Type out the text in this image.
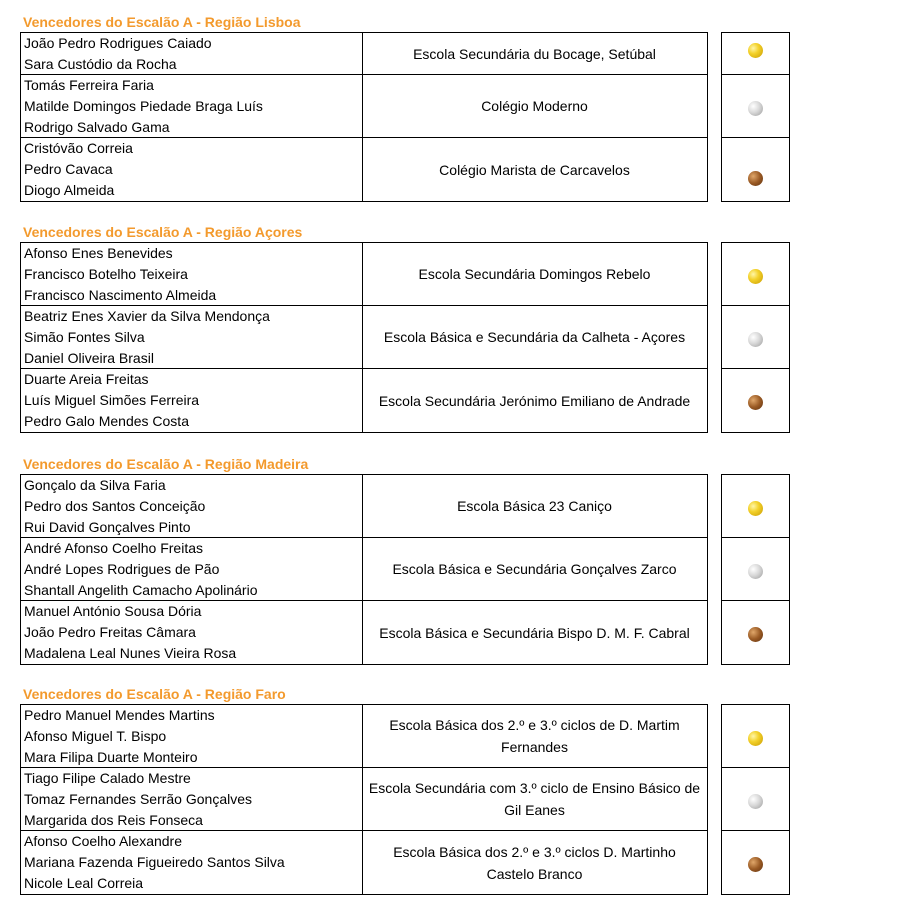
Vencedores do Escalão A - Região Lisboa
João Pedro Rodrigues Caiado
Sara Custódio da Rocha
Tomás Ferreira Faria
Matilde Domingos Piedade Braga Luís
Rodrigo Salvado Gama
Cristóvão Correia
Pedro Cavaca
Diogo Almeida
Escola Secundária du Bocage, Setúbal
Colégio Moderno
Colégio Marista de Carcavelos
Vencedores do Escalão A - Região Açores
Afonso Enes Benevides
Francisco Botelho Teixeira
Francisco Nascimento Almeida
Beatriz Enes Xavier da Silva Mendonça
Simão Fontes Silva
Daniel Oliveira Brasil
Duarte Areia Freitas
Luís Miguel Simões Ferreira
Pedro Galo Mendes Costa
Escola Secundária Domingos Rebelo
Escola Básica e Secundária da Calheta - Açores
Escola Secundária Jerónimo Emiliano de Andrade
Vencedores do Escalão A - Região Madeira
Gonçalo da Silva Faria
Pedro dos Santos Conceição
Rui David Gonçalves Pinto
André Afonso Coelho Freitas
André Lopes Rodrigues de Pão
Shantall Angelith Camacho Apolinário
Manuel António Sousa Dória
João Pedro Freitas Câmara
Madalena Leal Nunes Vieira Rosa
Escola Básica 23 Caniço
Escola Básica e Secundária Gonçalves Zarco
Escola Básica e Secundária Bispo D. M. F. Cabral
Vencedores do Escalão A - Região Faro
Pedro Manuel Mendes Martins
Afonso Miguel T. Bispo
Mara Filipa Duarte Monteiro
Tiago Filipe Calado Mestre
Tomaz Fernandes Serrão Gonçalves
Margarida dos Reis Fonseca
Afonso Coelho Alexandre
Mariana Fazenda Figueiredo Santos Silva
Nicole Leal Correia
Escola Básica dos 2.º e 3.º ciclos de D. Martim Fernandes
Escola Secundária com 3.º ciclo de Ensino Básico de Gil Eanes
Escola Básica dos 2.º e 3.º ciclos D. Martinho Castelo Branco
